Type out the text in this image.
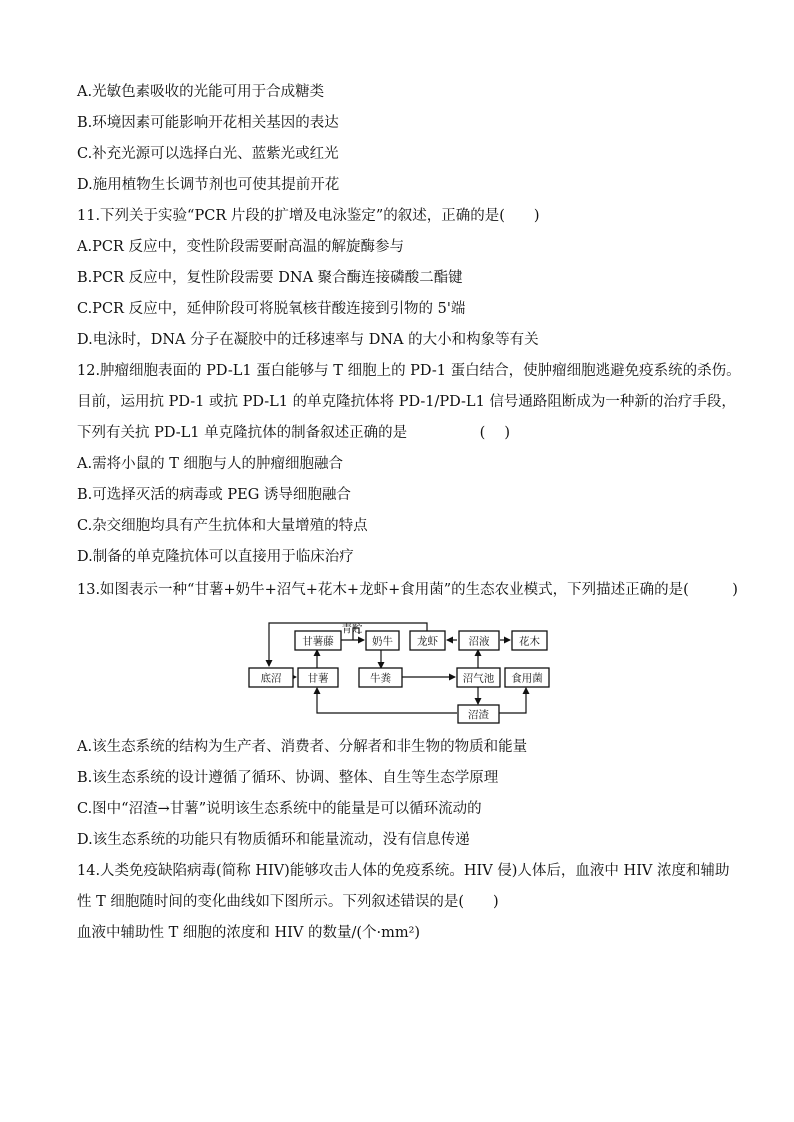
A.光敏色素吸收的光能可用于合成糖类
B.环境因素可能影响开花相关基因的表达
C.补充光源可以选择白光、蓝紫光或红光
D.施用植物生长调节剂也可使其提前开花
11.下列关于实验“PCR 片段的扩增及电泳鉴定”的叙述，正确的是(　　)
A.PCR 反应中，变性阶段需要耐高温的解旋酶参与
B.PCR 反应中，复性阶段需要 DNA 聚合酶连接磷酸二酯键
C.PCR 反应中，延伸阶段可将脱氧核苷酸连接到引物的 5'端
D.电泳时，DNA 分子在凝胶中的迁移速率与 DNA 的大小和构象等有关
12.肿瘤细胞表面的 PD-L1 蛋白能够与 T 细胞上的 PD-1 蛋白结合，使肿瘤细胞逃避免疫系统的杀伤。
目前，运用抗 PD-1 或抗 PD-L1 的单克隆抗体将 PD-1/PD-L1 信号通路阻断成为一种新的治疗手段，
下列有关抗 PD-L1 单克隆抗体的制备叙述正确的是　　　　　(　 )
A.需将小鼠的 T 细胞与人的肿瘤细胞融合
B.可选择灭活的病毒或 PEG 诱导细胞融合
C.杂交细胞均具有产生抗体和大量增殖的特点
D.制备的单克隆抗体可以直接用于临床治疗
13.如图表示一种“甘薯+奶牛+沼气+花木+龙虾+食用菌”的生态农业模式，下列描述正确的是(　　　)
青贮
甘薯藤	奶牛 龙虾	沼液	花木
底沼 甘薯	牛粪	沼气池 食用菌
沼渣
A.该生态系统的结构为生产者、消费者、分解者和非生物的物质和能量
B.该生态系统的设计遵循了循环、协调、整体、自生等生态学原理
C.图中“沼渣→甘薯”说明该生态系统中的能量是可以循环流动的
D.该生态系统的功能只有物质循环和能量流动，没有信息传递
14.人类免疫缺陷病毒(简称 HIV)能够攻击人体的免疫系统。HIV 侵)人体后，血液中 HIV 浓度和辅助
性 T 细胞随时间的变化曲线如下图所示。下列叙述错误的是(　　)
血液中辅助性 T 细胞的浓度和 HIV 的数量/(个·mm²)
